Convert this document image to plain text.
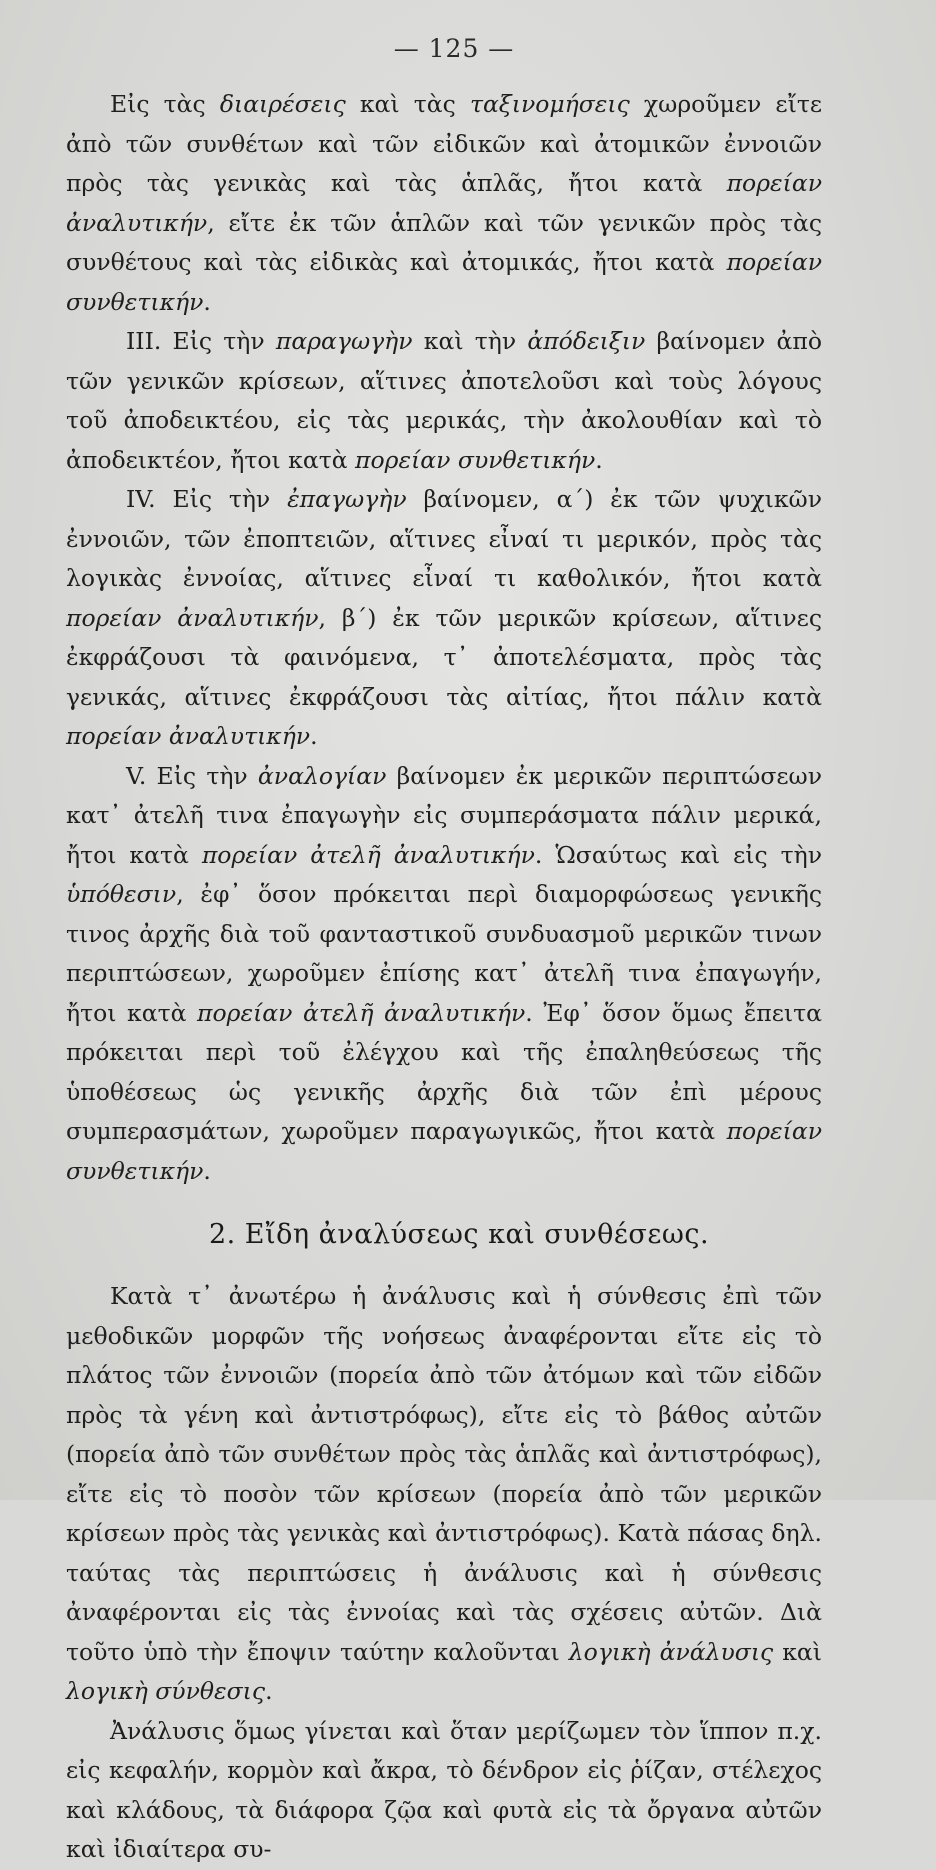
— 125 —

Εἰς τὰς διαιρέσεις καὶ τὰς ταξινομήσεις χωροῦμεν εἴτε ἀπὸ τῶν συνθέτων καὶ τῶν εἰδικῶν καὶ ἀτομικῶν ἐννοιῶν πρὸς τὰς γενικὰς καὶ τὰς ἁπλᾶς, ἤτοι κατὰ πορείαν ἀναλυτικήν, εἴτε ἐκ τῶν ἁπλῶν καὶ τῶν γενικῶν πρὸς τὰς συνθέτους καὶ τὰς εἰδικὰς καὶ ἀτομικάς, ἤτοι κατὰ πορείαν συνθετικήν.

III. Εἰς τὴν παραγωγὴν καὶ τὴν ἀπόδειξιν βαίνομεν ἀπὸ τῶν γενικῶν κρίσεων, αἵτινες ἀποτελοῦσι καὶ τοὺς λόγους τοῦ ἀποδεικτέου, εἰς τὰς μερικάς, τὴν ἀκολουθίαν καὶ τὸ ἀποδεικτέον, ἤτοι κατὰ πορείαν συνθετικήν.

IV. Εἰς τὴν ἐπαγωγὴν βαίνομεν, α΄) ἐκ τῶν ψυχικῶν ἐννοιῶν, τῶν ἐποπτειῶν, αἵτινες εἶναί τι μερικόν, πρὸς τὰς λογικὰς ἐννοίας, αἵτινες εἶναί τι καθολικόν, ἤτοι κατὰ πορείαν ἀναλυτικήν, β΄) ἐκ τῶν μερικῶν κρίσεων, αἵτινες ἐκφράζουσι τὰ φαινόμενα, τ᾿ ἀποτελέσματα, πρὸς τὰς γενικάς, αἵτινες ἐκφράζουσι τὰς αἰτίας, ἤτοι πάλιν κατὰ πορείαν ἀναλυτικήν.

V. Εἰς τὴν ἀναλογίαν βαίνομεν ἐκ μερικῶν περιπτώσεων κατ᾿ ἀτελῆ τινα ἐπαγωγὴν εἰς συμπεράσματα πάλιν μερικά, ἤτοι κατὰ πορείαν ἀτελῆ ἀναλυτικήν. Ὡσαύτως καὶ εἰς τὴν ὑπόθεσιν, ἐφ᾿ ὅσον πρόκειται περὶ διαμορφώσεως γενικῆς τινος ἀρχῆς διὰ τοῦ φανταστικοῦ συνδυασμοῦ μερικῶν τινων περιπτώσεων, χωροῦμεν ἐπίσης κατ᾿ ἀτελῆ τινα ἐπαγωγήν, ἤτοι κατὰ πορείαν ἀτελῆ ἀναλυτικήν. Ἐφ᾿ ὅσον ὅμως ἔπειτα πρόκειται περὶ τοῦ ἐλέγχου καὶ τῆς ἐπαληθεύσεως τῆς ὑποθέσεως ὡς γενικῆς ἀρχῆς διὰ τῶν ἐπὶ μέρους συμπερασμάτων, χωροῦμεν παραγωγικῶς, ἤτοι κατὰ πορείαν συνθετικήν.

2. Εἴδη ἀναλύσεως καὶ συνθέσεως.

Κατὰ τ᾿ ἀνωτέρω ἡ ἀνάλυσις καὶ ἡ σύνθεσις ἐπὶ τῶν μεθοδικῶν μορφῶν τῆς νοήσεως ἀναφέρονται εἴτε εἰς τὸ πλάτος τῶν ἐννοιῶν (πορεία ἀπὸ τῶν ἀτόμων καὶ τῶν εἰδῶν πρὸς τὰ γένη καὶ ἀντιστρόφως), εἴτε εἰς τὸ βάθος αὐτῶν (πορεία ἀπὸ τῶν συνθέτων πρὸς τὰς ἁπλᾶς καὶ ἀντιστρόφως), εἴτε εἰς τὸ ποσὸν τῶν κρίσεων (πορεία ἀπὸ τῶν μερικῶν κρίσεων πρὸς τὰς γενικὰς καὶ ἀντιστρόφως). Κατὰ πάσας δηλ. ταύτας τὰς περιπτώσεις ἡ ἀνάλυσις καὶ ἡ σύνθεσις ἀναφέρονται εἰς τὰς ἐννοίας καὶ τὰς σχέσεις αὐτῶν. Διὰ τοῦτο ὑπὸ τὴν ἔποψιν ταύτην καλοῦνται λογικὴ ἀνάλυσις καὶ λογικὴ σύνθεσις.

Ἀνάλυσις ὅμως γίνεται καὶ ὅταν μερίζωμεν τὸν ἵππον π.χ. εἰς κεφαλήν, κορμὸν καὶ ἄκρα, τὸ δένδρον εἰς ῥίζαν, στέλεχος καὶ κλάδους, τὰ διάφορα ζῷα καὶ φυτὰ εἰς τὰ ὄργανα αὐτῶν καὶ ἰδιαίτερα συ-
